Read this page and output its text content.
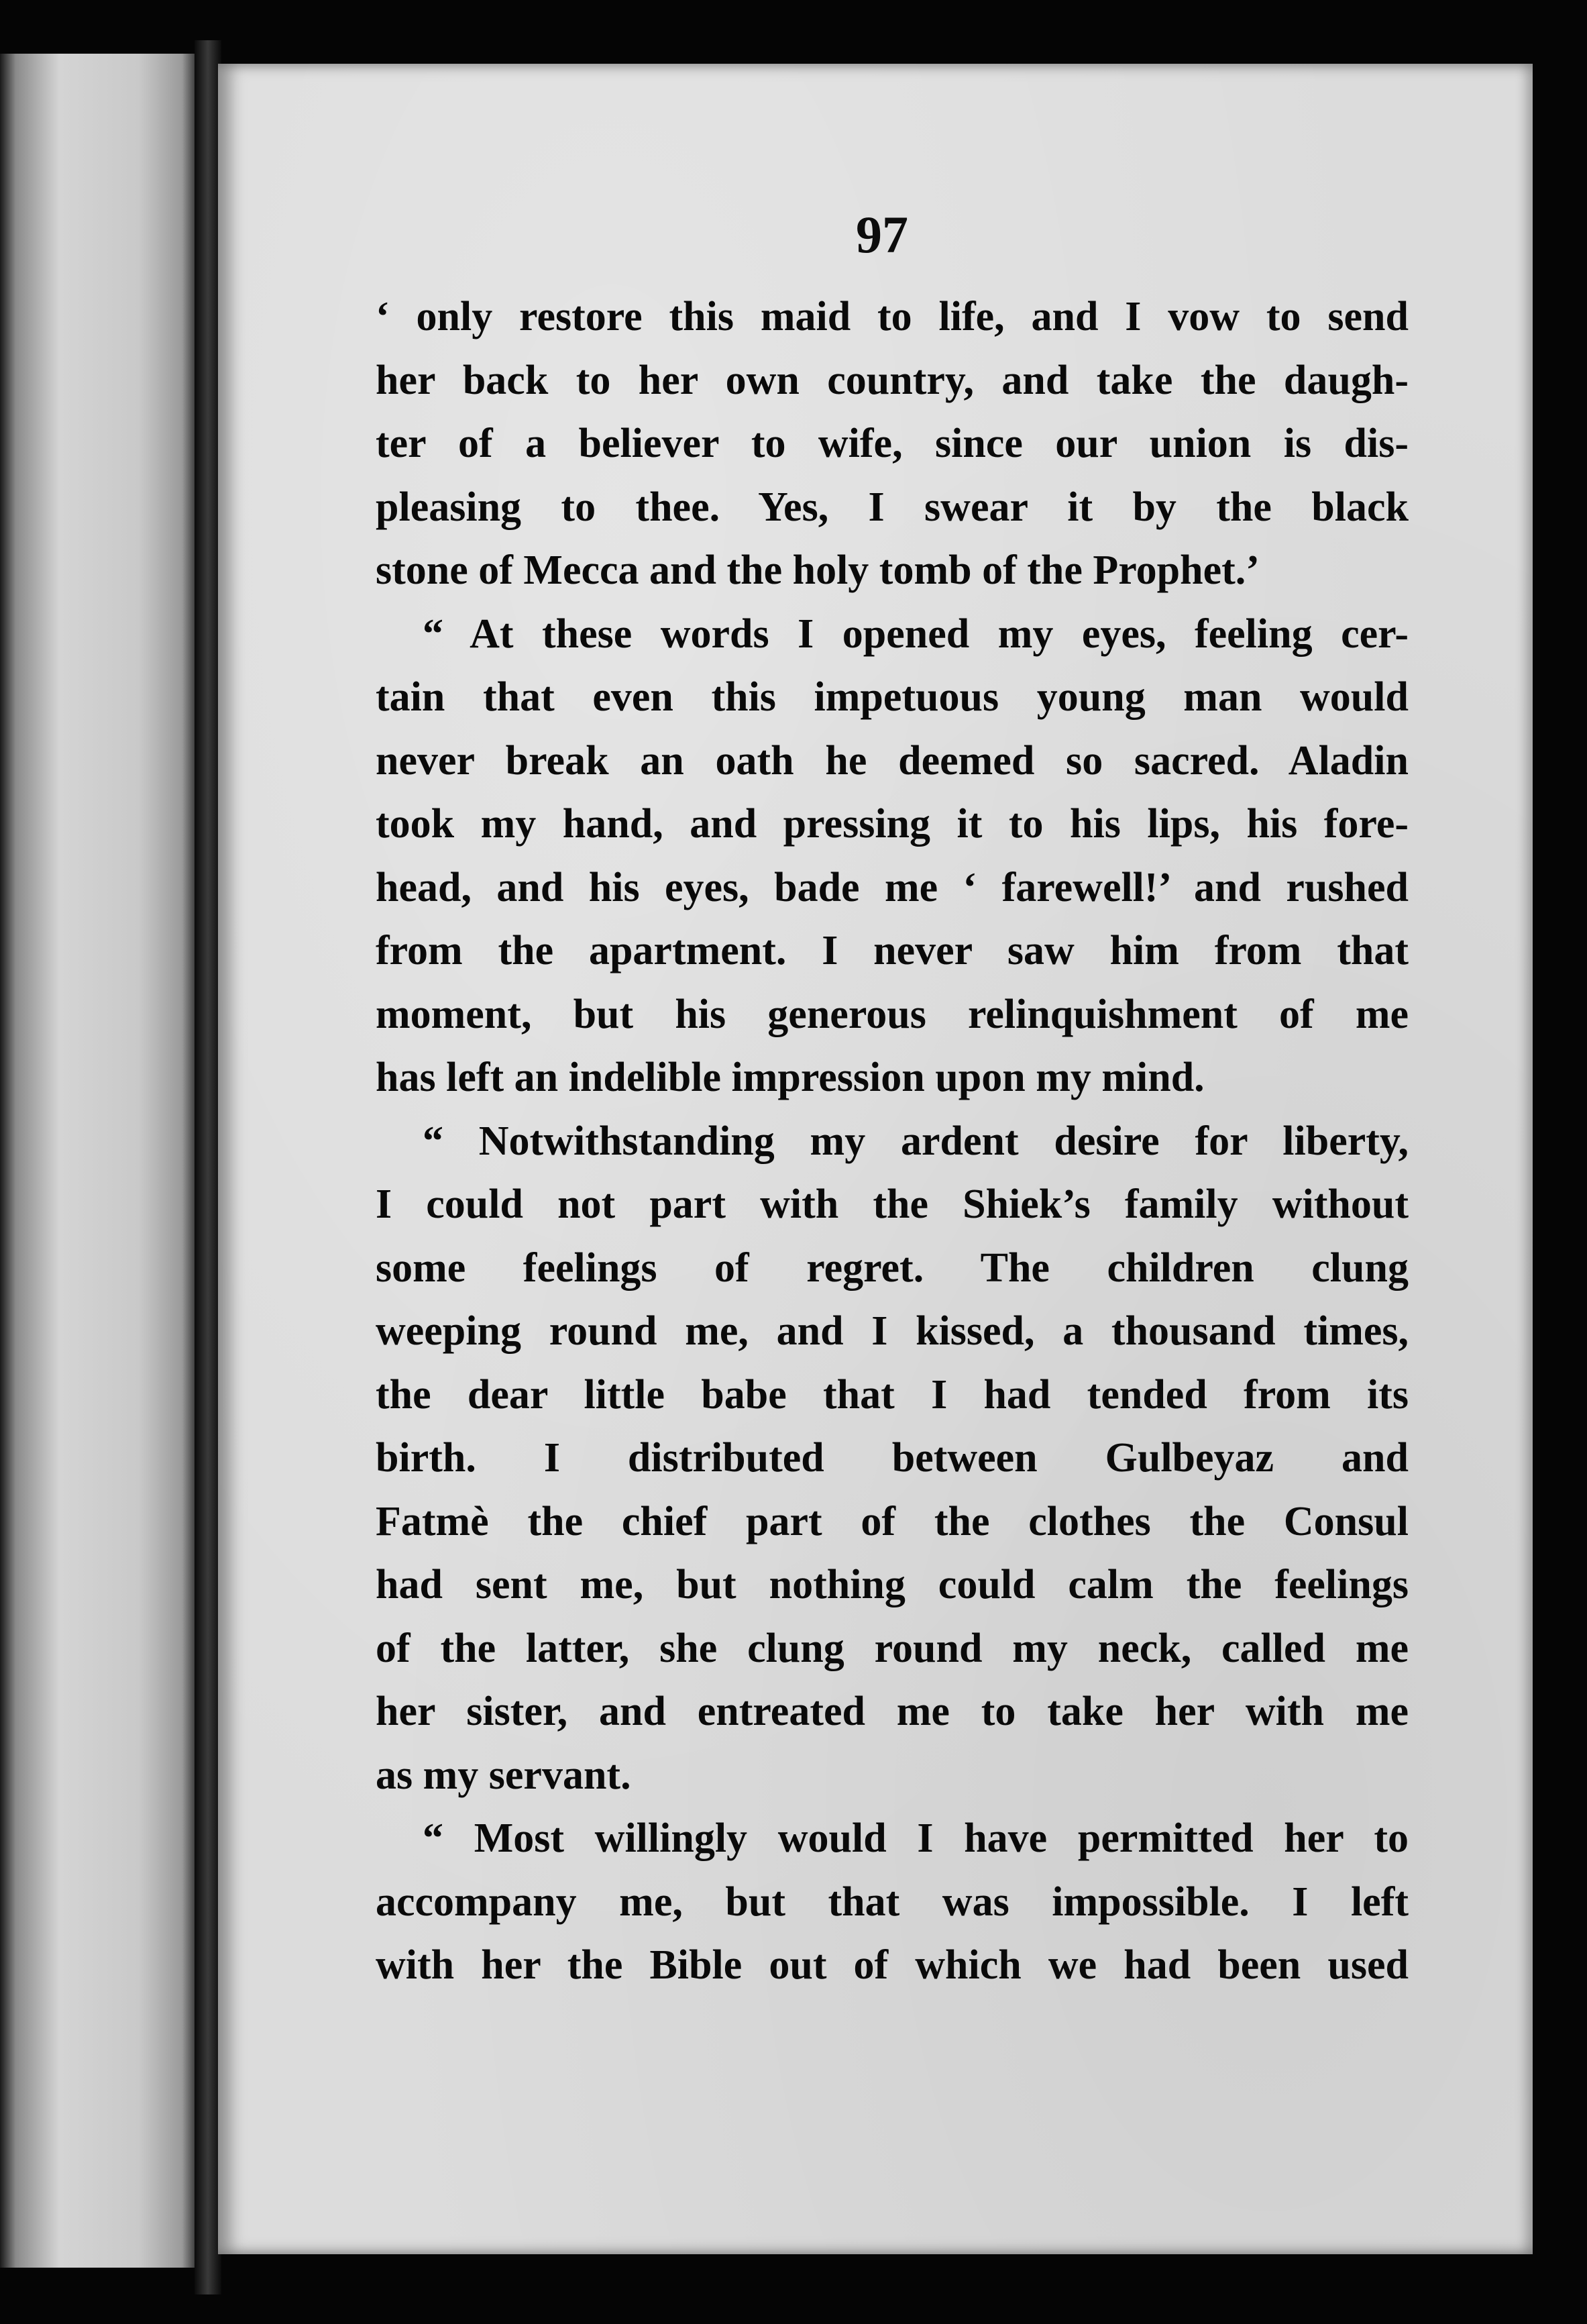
97
‘ only restore this maid to life, and I vow to send
her back to her own country, and take the daugh-
ter of a believer to wife, since our union is dis-
pleasing to thee. Yes, I swear it by the black
stone of Mecca and the holy tomb of the Prophet.’
“ At these words I opened my eyes, feeling cer-
tain that even this impetuous young man would
never break an oath he deemed so sacred. Aladin
took my hand, and pressing it to his lips, his fore-
head, and his eyes, bade me ‘ farewell!’ and rushed
from the apartment. I never saw him from that
moment, but his generous relinquishment of me
has left an indelible impression upon my mind.
“ Notwithstanding my ardent desire for liberty,
I could not part with the Shiek’s family without
some feelings of regret. The children clung
weeping round me, and I kissed, a thousand times,
the dear little babe that I had tended from its
birth. I distributed between Gulbeyaz and
Fatmè the chief part of the clothes the Consul
had sent me, but nothing could calm the feelings
of the latter, she clung round my neck, called me
her sister, and entreated me to take her with me
as my servant.
“ Most willingly would I have permitted her to
accompany me, but that was impossible. I left
with her the Bible out of which we had been used
